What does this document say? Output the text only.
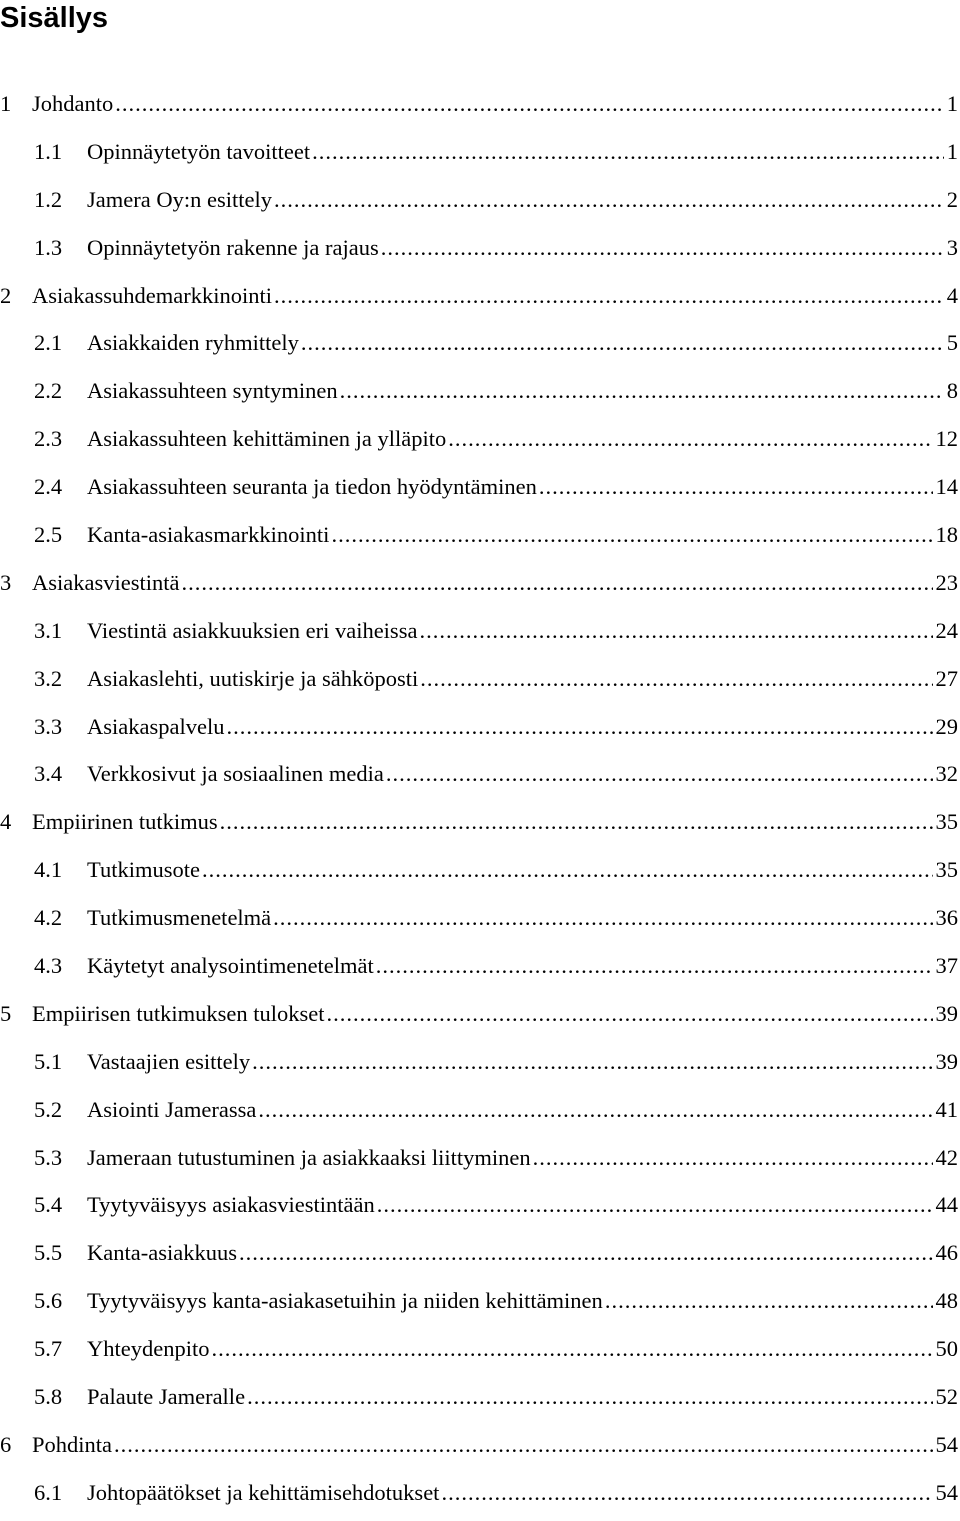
Sisällys
1 Johdanto .....	1
1.1	Opinnäytetyön tavoitteet .....	1
1.2	Jamera Oy:n esittely .....	2
1.3	Opinnäytetyön rakenne ja rajaus .....	3
2 Asiakassuhdemarkkinointi .....	4
2.1	Asiakkaiden ryhmittely .....	5
2.2	Asiakassuhteen syntyminen .....	8
2.3	Asiakassuhteen kehittäminen ja ylläpito .....	12
2.4	Asiakassuhteen seuranta ja tiedon hyödyntäminen .....	14
2.5	Kanta-asiakasmarkkinointi .....	18
3 Asiakasviestintä .....	23
3.1	Viestintä asiakkuuksien eri vaiheissa .....	24
3.2	Asiakaslehti, uutiskirje ja sähköposti .....	27
3.3	Asiakaspalvelu .....	29
3.4	Verkkosivut ja sosiaalinen media .....	32
4 Empiirinen tutkimus .....	35
4.1	Tutkimusote .....	35
4.2	Tutkimusmenetelmä .....	36
4.3	Käytetyt analysointimenetelmät .....	37
5 Empiirisen tutkimuksen tulokset .....	39
5.1	Vastaajien esittely .....	39
5.2	Asiointi Jamerassa .....	41
5.3	Jameraan tutustuminen ja asiakkaaksi liittyminen .....	42
5.4	Tyytyväisyys asiakasviestintään .....	44
5.5	Kanta-asiakkuus .....	46
5.6	Tyytyväisyys kanta-asiakasetuihin ja niiden kehittäminen .....	48
5.7	Yhteydenpito .....	50
5.8	Palaute Jameralle .....	52
6 Pohdinta .....	54
6.1	Johtopäätökset ja kehittämisehdotukset .....	54
